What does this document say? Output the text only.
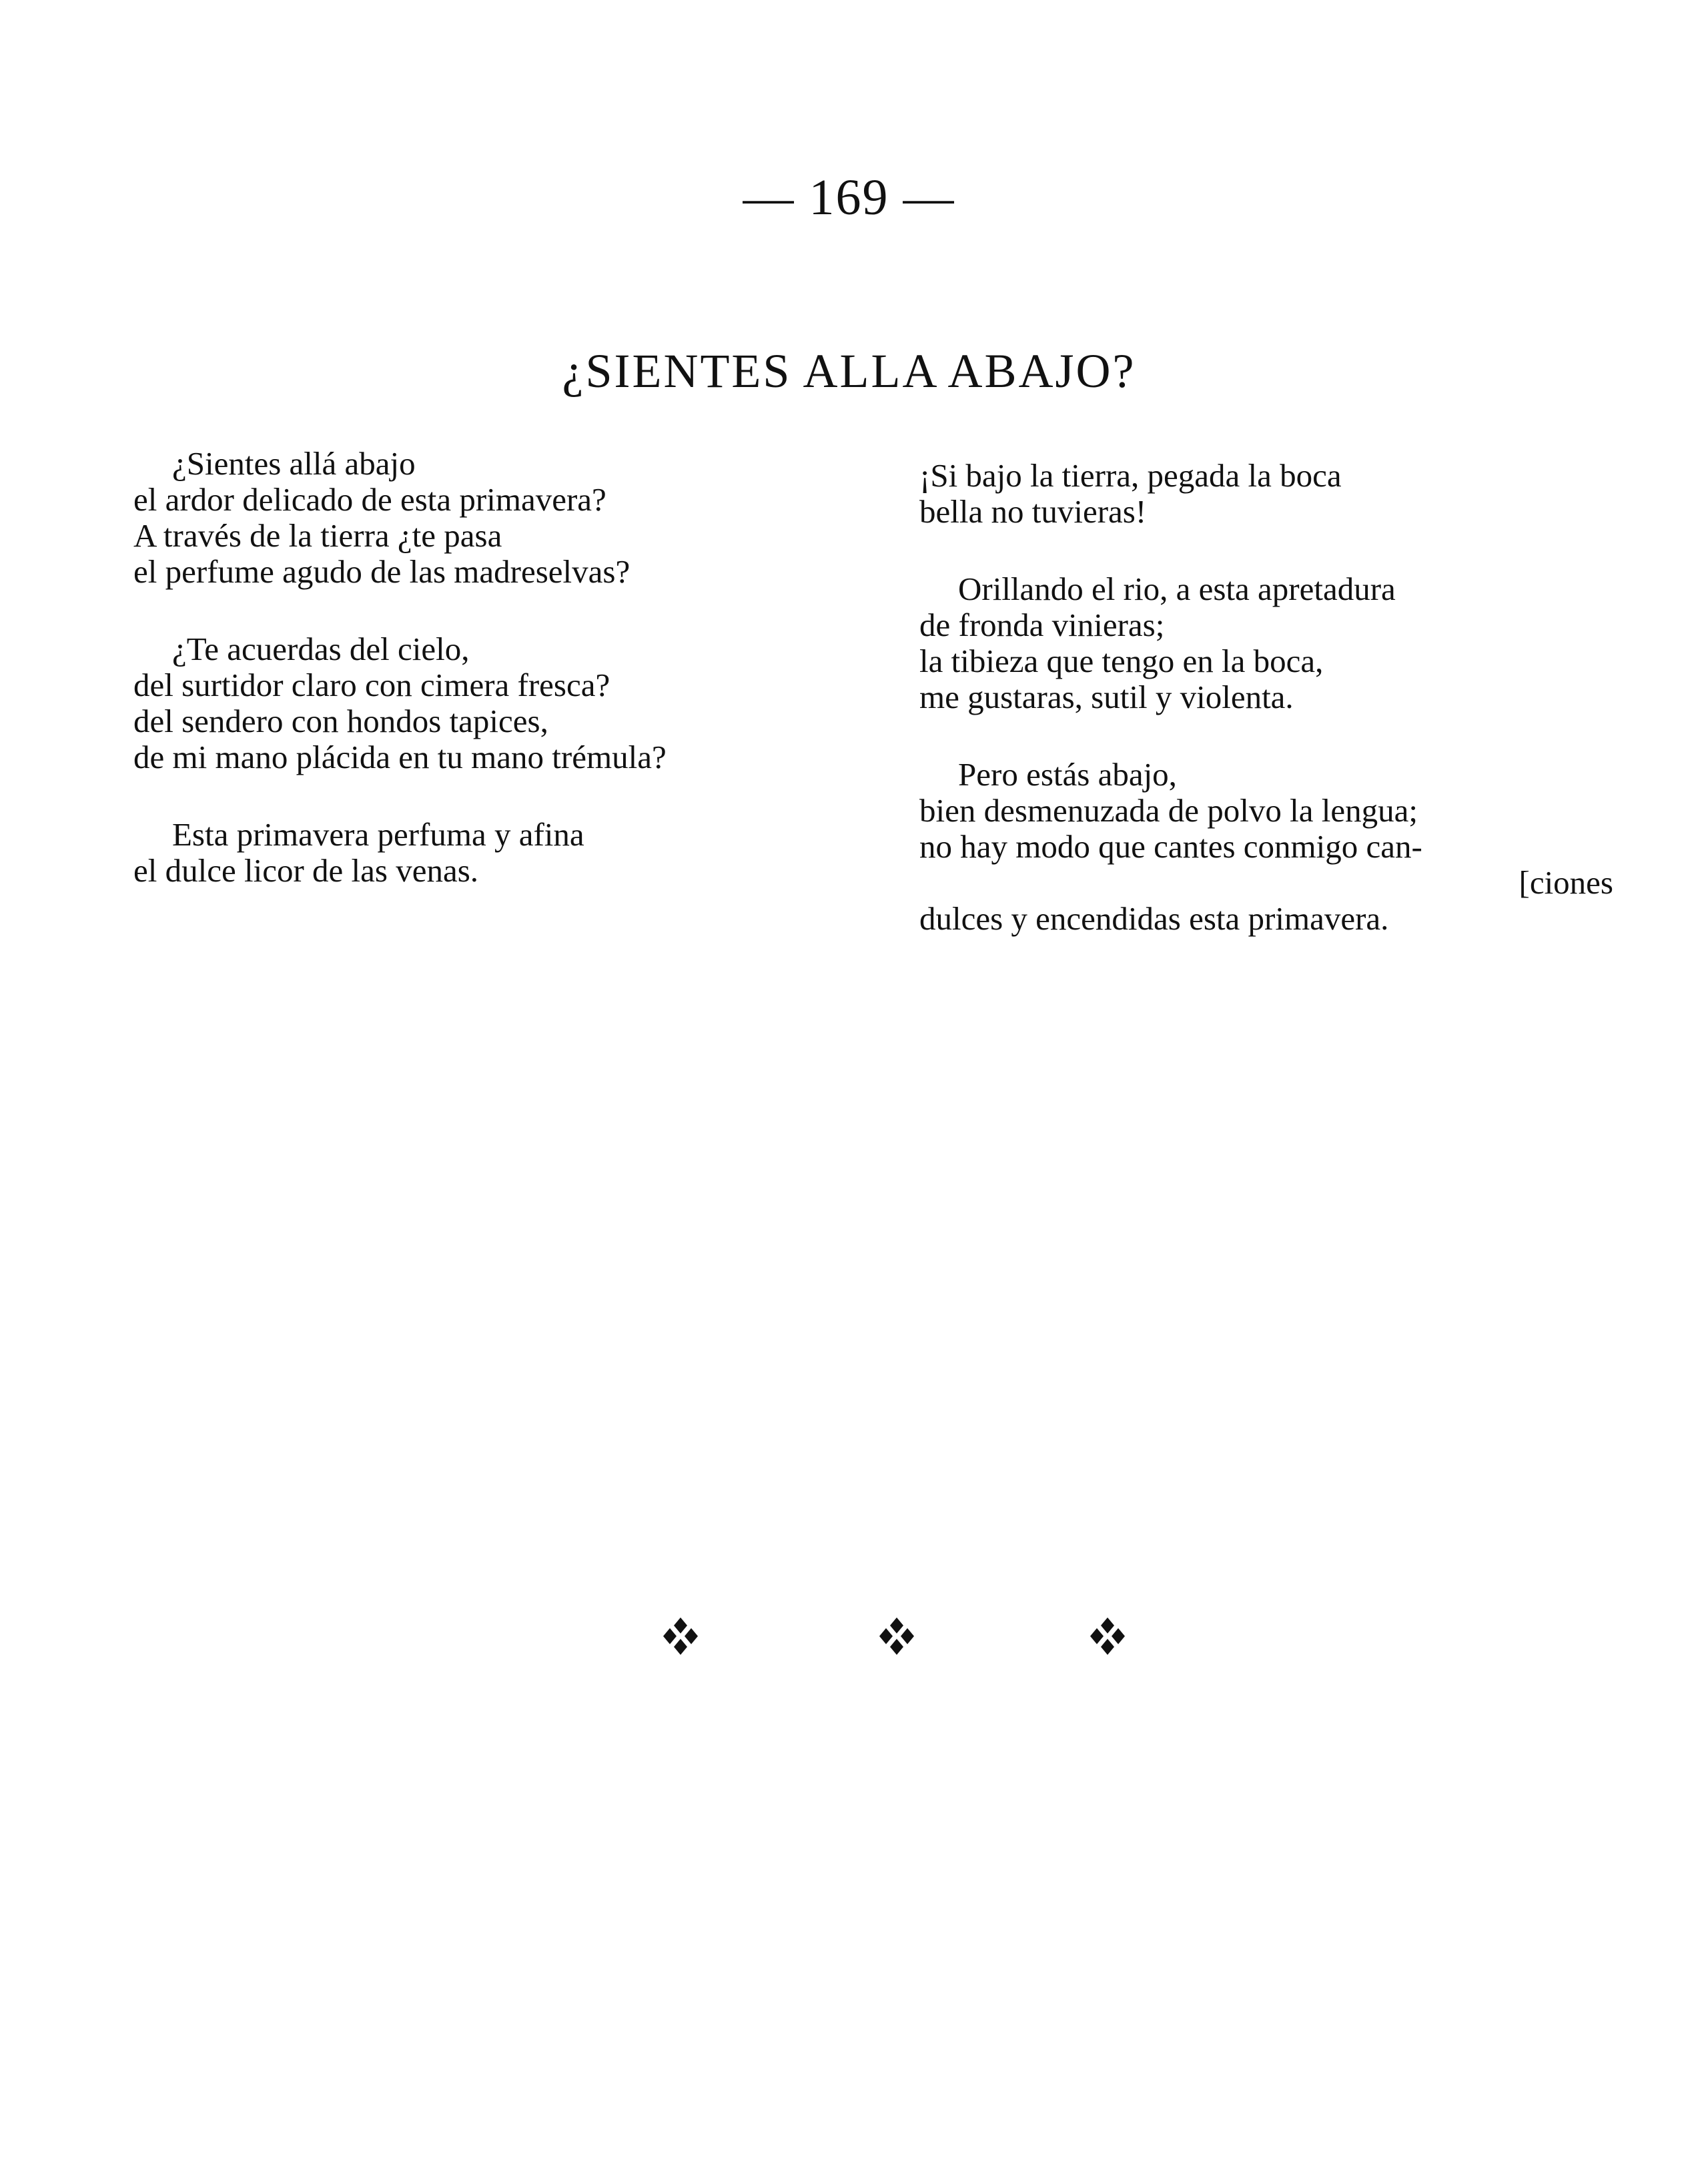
— 169 —
¿SIENTES ALLA ABAJO?
¿Sientes allá abajo
el ardor delicado de esta primavera?
A través de la tierra ¿te pasa
el perfume agudo de las madreselvas?
¿Te acuerdas del cielo,
del surtidor claro con cimera fresca?
del sendero con hondos tapices,
de mi mano plácida en tu mano trémula?
Esta primavera perfuma y afina
el dulce licor de las venas.
¡Si bajo la tierra, pegada la boca
bella no tuvieras!
Orillando el rio, a esta apretadura
de fronda vinieras;
la tibieza que tengo en la boca,
me gustaras, sutil y violenta.
Pero estás abajo,
bien desmenuzada de polvo la lengua;
no hay modo que cantes conmigo can-
[ciones
dulces y encendidas esta primavera.
